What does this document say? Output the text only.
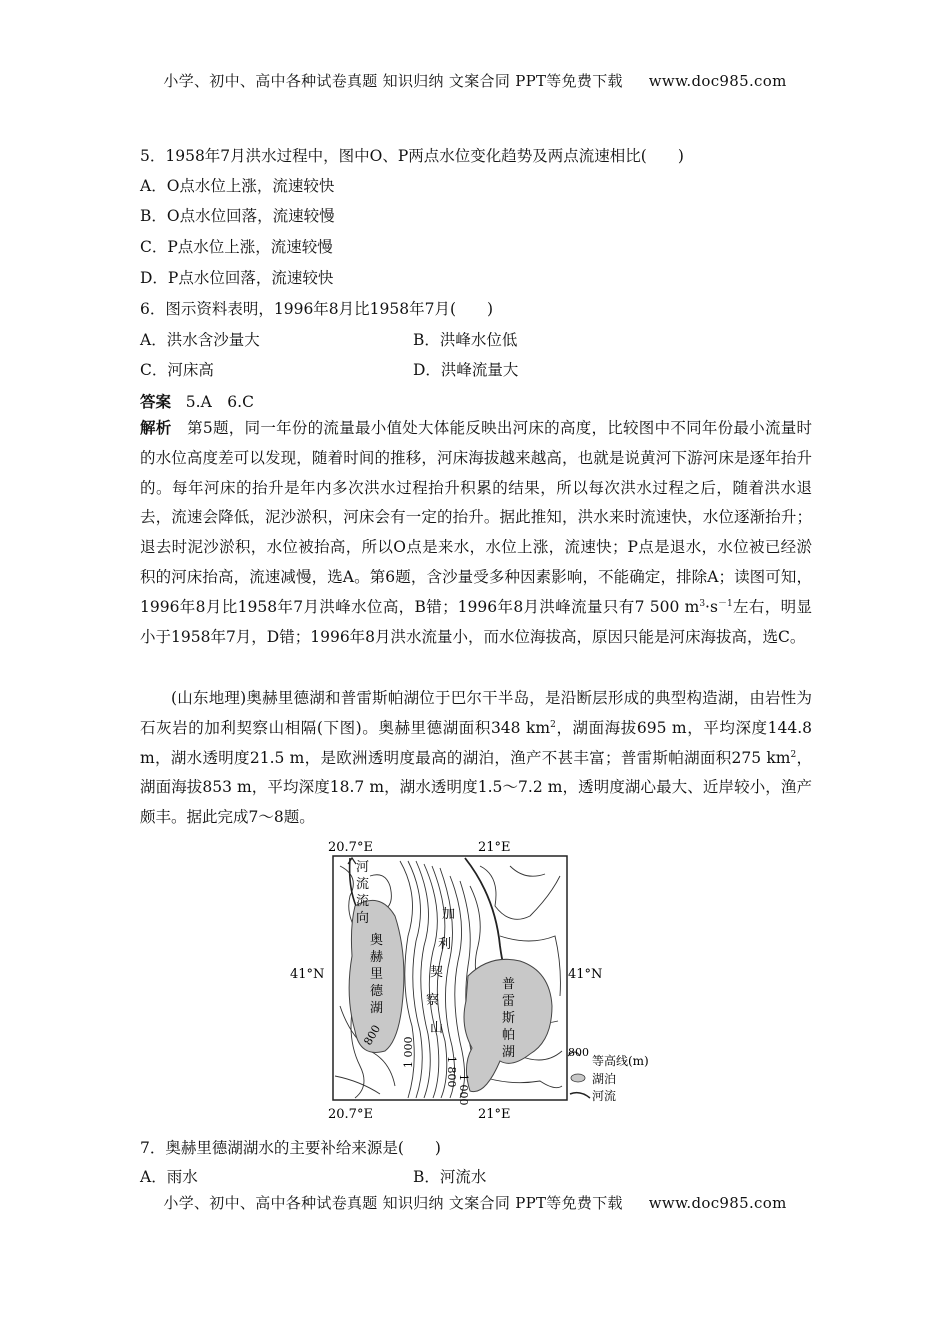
小学、初中、高中各种试卷真题 知识归纳 文案合同 PPT等免费下载 www.doc985.com
5．1958年7月洪水过程中，图中O、P两点水位变化趋势及两点流速相比(　　)
A．O点水位上涨，流速较快
B．O点水位回落，流速较慢
C．P点水位上涨，流速较慢
D．P点水位回落，流速较快
6．图示资料表明，1996年8月比1958年7月(　　)
A．洪水含沙量大	B．洪峰水位低
C．河床高	D．洪峰流量大
答案 5.A　6.C
解析 第5题，同一年份的流量最小值处大体能反映出河床的高度，比较图中不同年份最小流量时的水位高度差可以发现，随着时间的推移，河床海拔越来越高，也就是说黄河下游河床是逐年抬升的。每年河床的抬升是年内多次洪水过程抬升积累的结果，所以每次洪水过程之后，随着洪水退去，流速会降低，泥沙淤积，河床会有一定的抬升。据此推知，洪水来时流速快，水位逐渐抬升；退去时泥沙淤积，水位被抬高，所以O点是来水，水位上涨，流速快；P点是退水，水位被已经淤积的河床抬高，流速减慢，选A。第6题，含沙量受多种因素影响，不能确定，排除A；读图可知，1996年8月比1958年7月洪峰水位高，B错；1996年8月洪峰流量只有7 500 $m^3\cdot s^{-1}$左右，明显小于1958年7月，D错；1996年8月洪水流量小，而水位海拔高，原因只能是河床海拔高，选C。
(山东地理)奥赫里德湖和普雷斯帕湖位于巴尔干半岛，是沿断层形成的典型构造湖，由岩性为石灰岩的加利契察山相隔(下图)。奥赫里德湖面积348 $km^2$，湖面海拔695 m，平均深度144.8 m，湖水透明度21.5 m，是欧洲透明度最高的湖泊，渔产不甚丰富；普雷斯帕湖面积275 $km^2$，湖面海拔853 m，平均深度18.7 m，湖水透明度1.5～7.2 m，透明度湖心最大、近岸较小，渔产颇丰。据此完成7～8题。
20.7°E	21°E
20.7°E	21°E
41°N	41°N
河
流
流
向
奥
赫
里
德
湖
加
利
契
察
山
普
雷
斯
帕
湖
800
1 000
1 800
1 000
800
等高线(m)
湖泊
河流
7．奥赫里德湖湖水的主要补给来源是(　　)
A．雨水	B．河流水
小学、初中、高中各种试卷真题 知识归纳 文案合同 PPT等免费下载 www.doc985.com
